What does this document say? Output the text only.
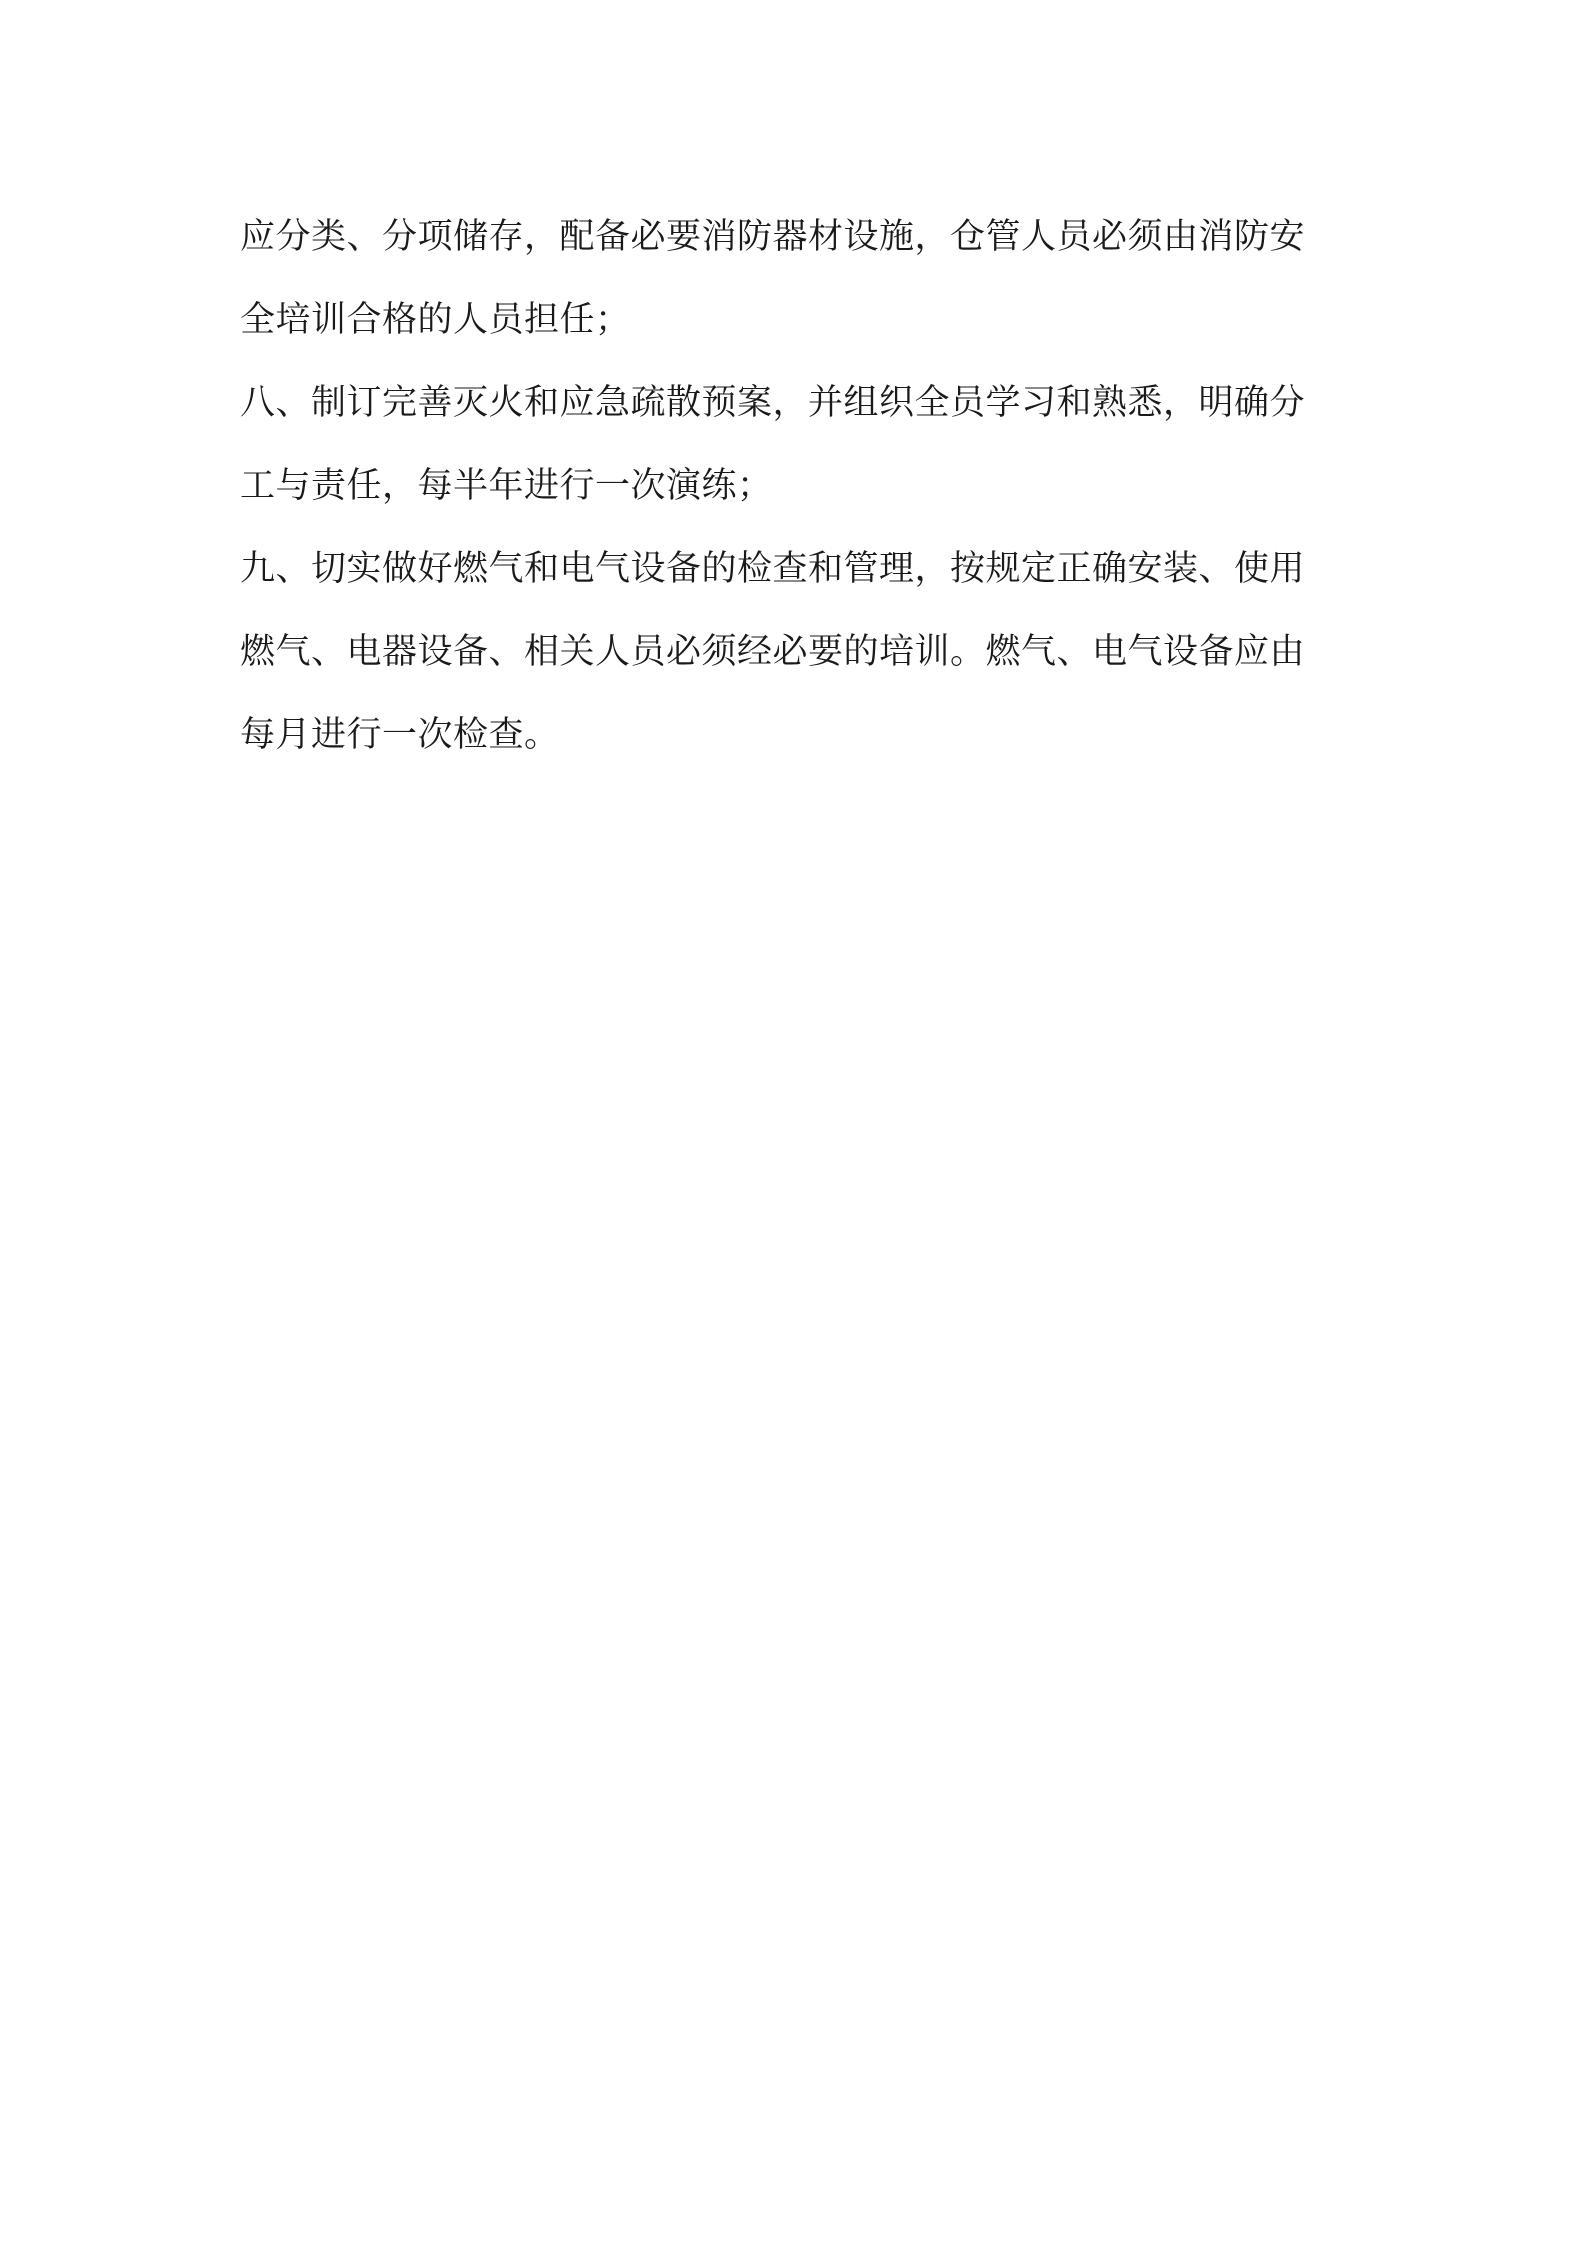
应分类、分项储存，配备必要消防器材设施，仓管人员必须由消防安
全培训合格的人员担任；
八、制订完善灭火和应急疏散预案，并组织全员学习和熟悉，明确分
工与责任，每半年进行一次演练；
九、切实做好燃气和电气设备的检查和管理，按规定正确安装、使用
燃气、电器设备、相关人员必须经必要的培训。燃气、电气设备应由
每月进行一次检查。
